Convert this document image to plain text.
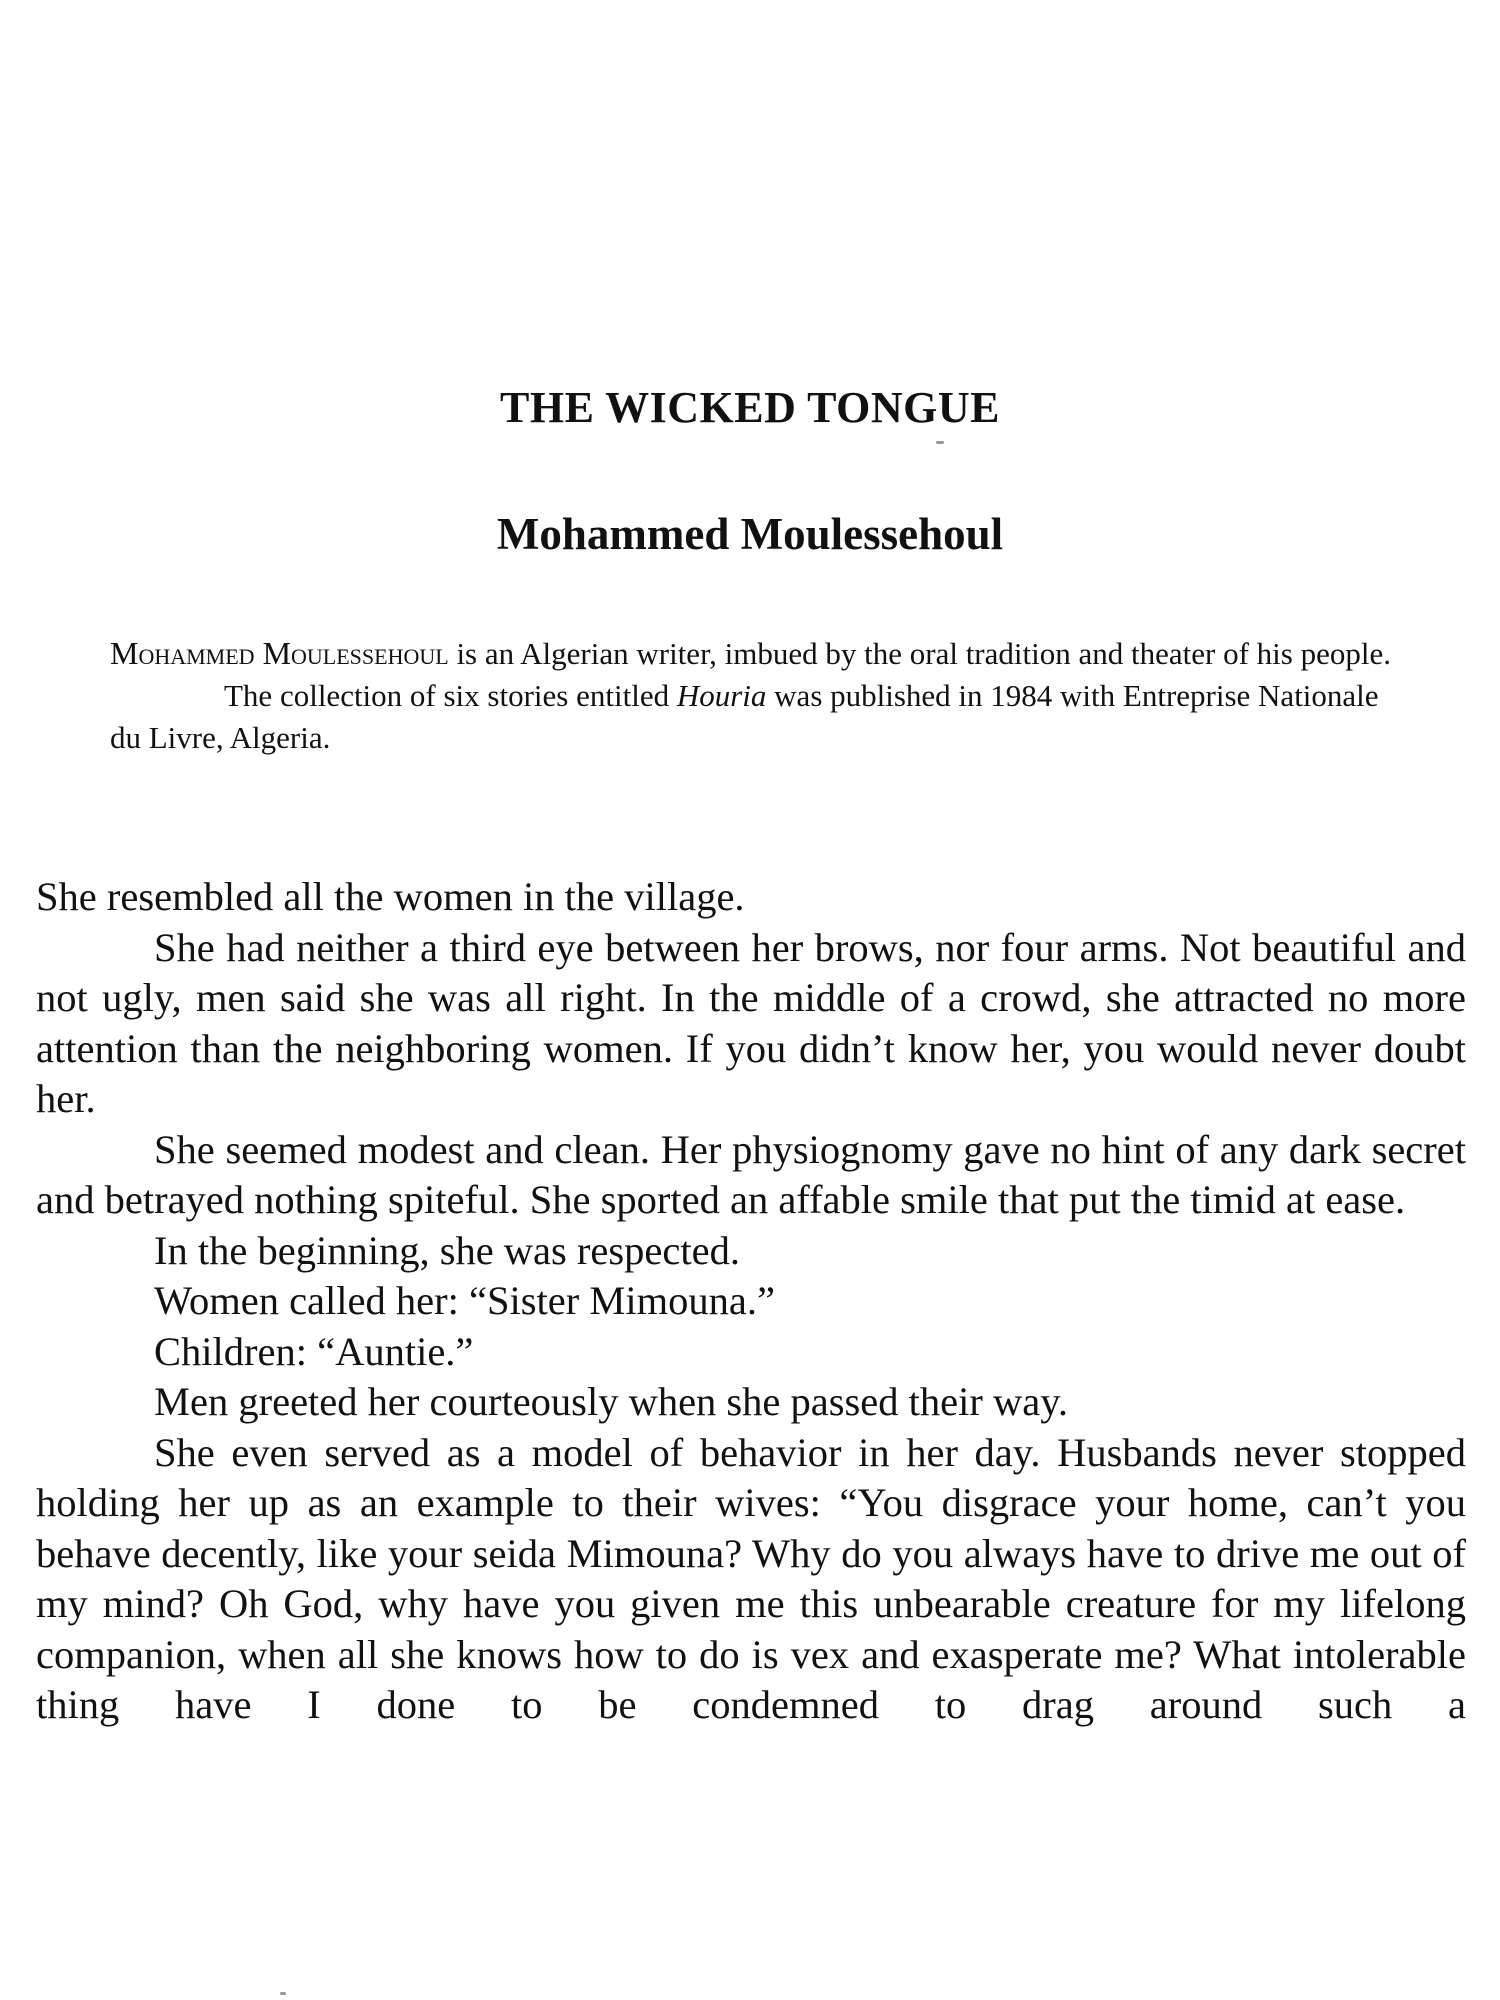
THE WICKED TONGUE
Mohammed Moulessehoul

Mohammed Moulessehoul is an Algerian writer, imbued by the oral tradition and theater of his people.

The collection of six stories entitled Houria was published in 1984 with Entreprise Nationale du Livre, Algeria.

She resembled all the women in the village.

She had neither a third eye between her brows, nor four arms. Not beautiful and not ugly, men said she was all right. In the middle of a crowd, she attracted no more attention than the neighboring women. If you didn’t know her, you would never doubt her.

She seemed modest and clean. Her physiognomy gave no hint of any dark secret and betrayed nothing spiteful. She sported an affable smile that put the timid at ease.

In the beginning, she was respected.

Women called her: “Sister Mimouna.”

Children: “Auntie.”

Men greeted her courteously when she passed their way.

She even served as a model of behavior in her day. Husbands never stopped holding her up as an example to their wives: “You disgrace your home, can’t you behave decently, like your seida Mimouna? Why do you always have to drive me out of my mind? Oh God, why have you given me this unbearable creature for my lifelong companion, when all she knows how to do is vex and exasperate me? What intolerable thing have I done to be condemned to drag around such a
